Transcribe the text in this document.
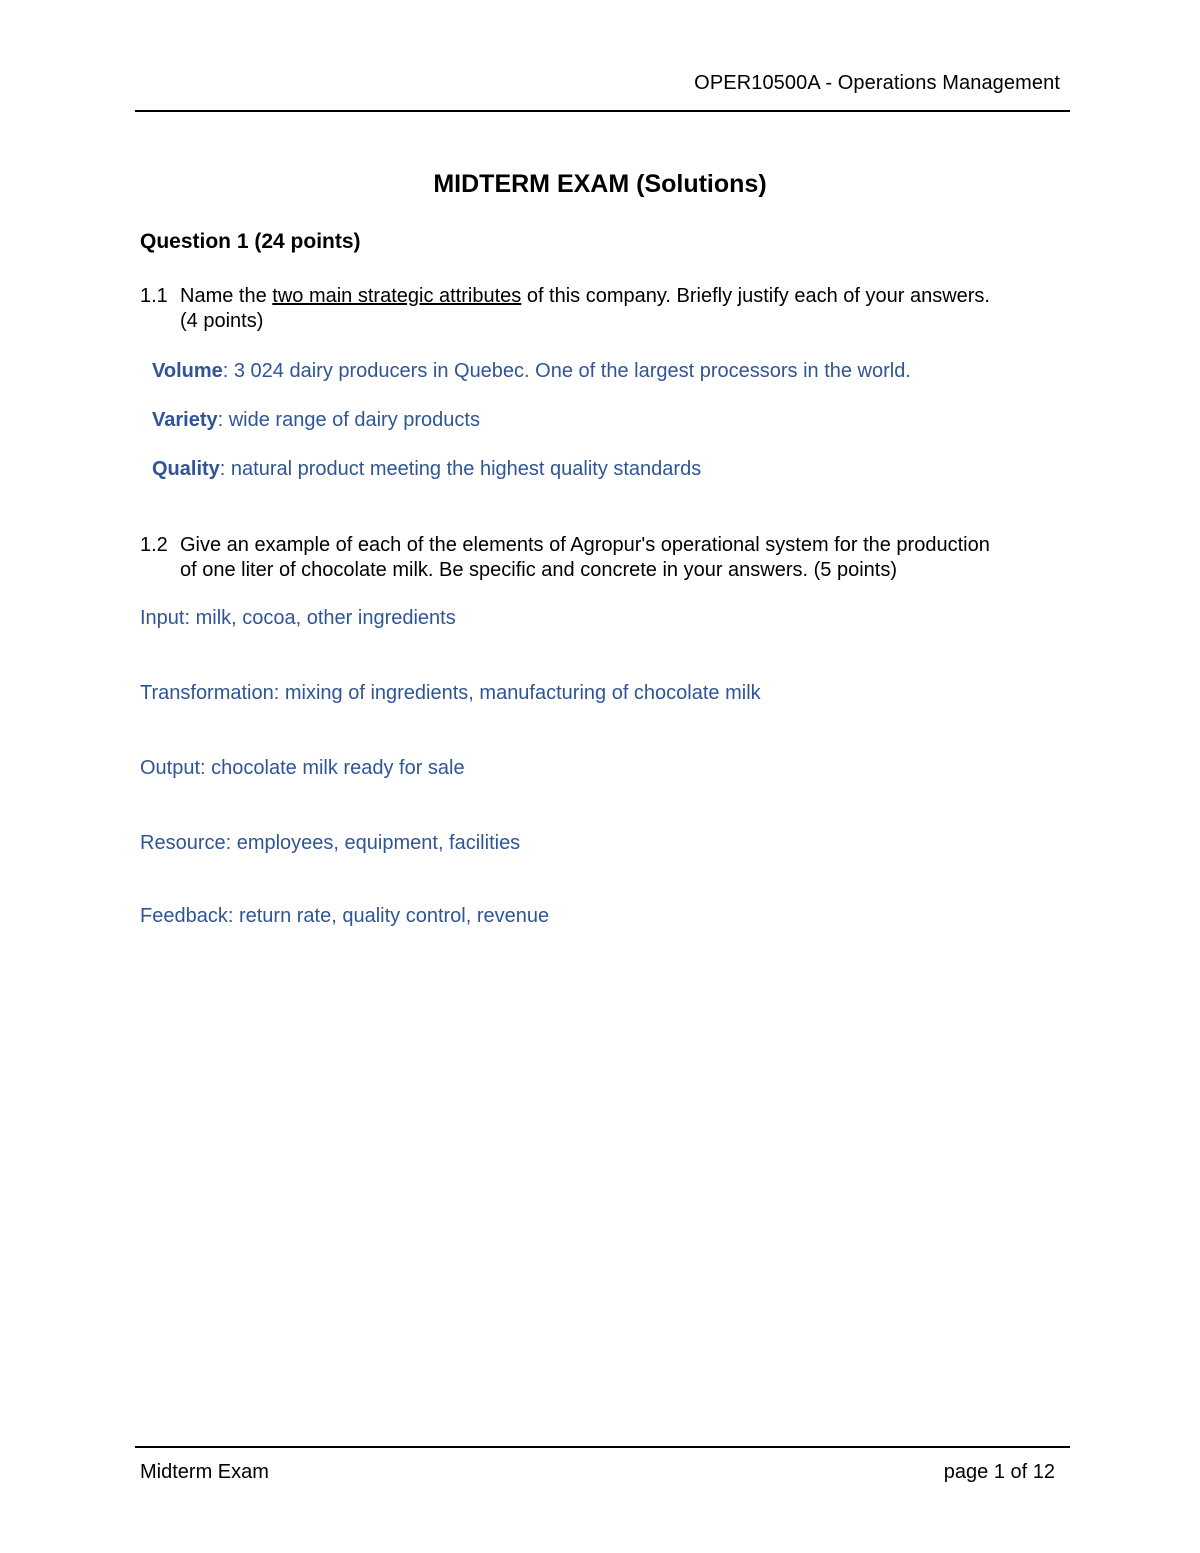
OPER10500A - Operations Management
MIDTERM EXAM (Solutions)
Question 1 (24 points)
1.1 Name the two main strategic attributes of this company. Briefly justify each of your answers.
(4 points)
Volume: 3 024 dairy producers in Quebec. One of the largest processors in the world.
Variety: wide range of dairy products
Quality: natural product meeting the highest quality standards
1.2 Give an example of each of the elements of Agropur's operational system for the production
of one liter of chocolate milk. Be specific and concrete in your answers. (5 points)
Input: milk, cocoa, other ingredients
Transformation: mixing of ingredients, manufacturing of chocolate milk
Output: chocolate milk ready for sale
Resource: employees, equipment, facilities
Feedback: return rate, quality control, revenue
Midterm Exam	page 1 of 12
